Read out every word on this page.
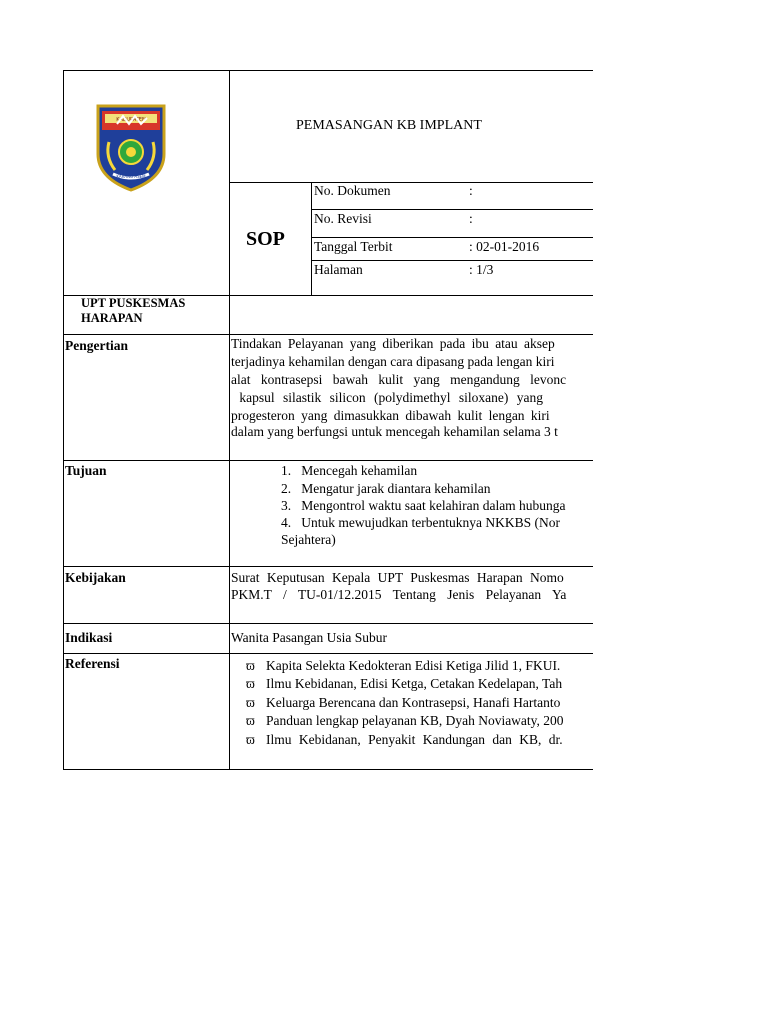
KABUPATEN
KARANG ASEM
PEMASANGAN KB IMPLANT
SOP
No. Dokumen	:
No. Revisi	:
Tanggal Terbit	: 02-01-2016
Halaman	: 1/3
UPT PUSKESMAS
HARAPAN
Pengertian	Tindakan Pelayanan yang diberikan pada ibu atau aksep
terjadinya kehamilan dengan cara dipasang pada lengan kiri
alat kontrasepsi bawah kulit yang mengandung levonc
kapsul silastik silicon (polydimethyl siloxane) yang
progesteron yang dimasukkan dibawah kulit lengan kiri
dalam yang berfungsi untuk mencegah kehamilan selama 3 t
Tujuan	1.   Mencegah kehamilan
2.   Mengatur jarak diantara kehamilan
3.   Mengontrol waktu saat kelahiran dalam hubunga
4.   Untuk mewujudkan terbentuknya NKKBS (Nor
Sejahtera)
Kebijakan	Surat Keputusan Kepala UPT Puskesmas Harapan Nomo
PKM.T / TU-01/12.2015 Tentang Jenis Pelayanan Ya
Indikasi	Wanita Pasangan Usia Subur
Referensi	ϖ Kapita Selekta Kedokteran Edisi Ketiga Jilid 1, FKUI.
ϖ Ilmu Kebidanan, Edisi Ketga, Cetakan Kedelapan, Tah
ϖ Keluarga Berencana dan Kontrasepsi, Hanafi Hartanto
ϖ Panduan lengkap pelayanan KB, Dyah Noviawaty, 200
ϖ Ilmu Kebidanan, Penyakit Kandungan dan KB, dr.
